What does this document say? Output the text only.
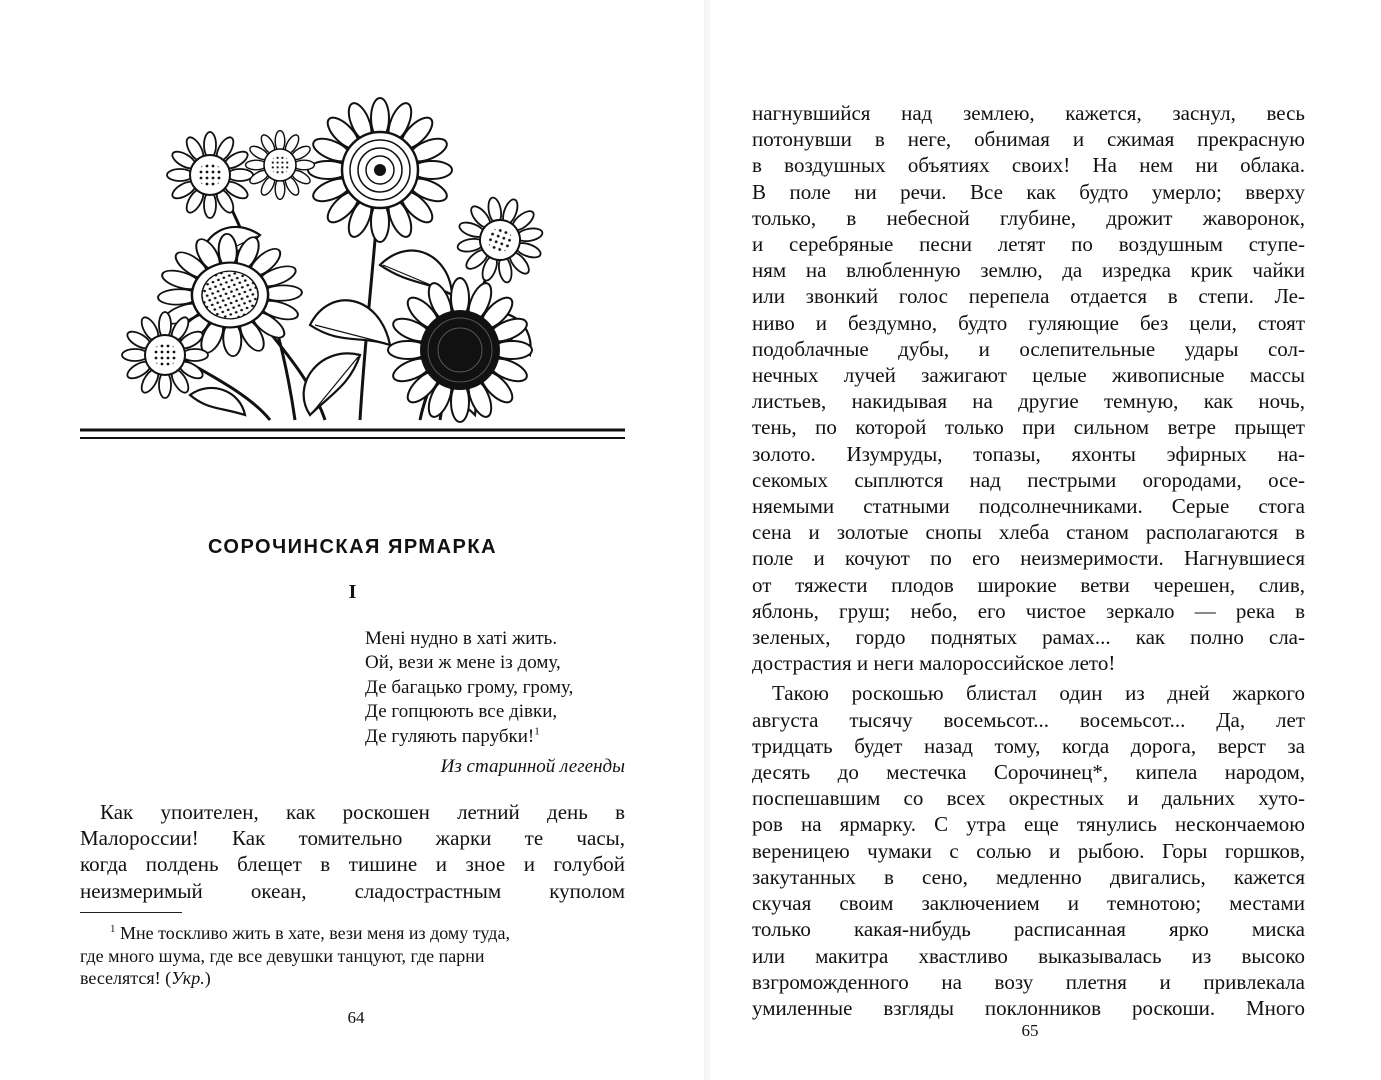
СОРОЧИНСКАЯ ЯРМАРКА
I
Мені нудно в хаті жить.
Ой, вези ж мене із дому,
Де багацько грому, грому,
Де гопцюють все дівки,
Де гуляють парубки!$^1$
Из старинной легенды
Как упоителен, как роскошен летний день в
Малороссии! Как томительно жарки те часы,
когда полдень блещет в тишине и зное и голубой
неизмеримый океан, сладострастным куполом
$^1$ Мне тоскливо жить в хате, вези меня из дому туда,
где много шума, где все девушки танцуют, где парни
веселятся! (Укр.)
64
нагнувшийся над землею, кажется, заснул, весь
потонувши в неге, обнимая и сжимая прекрасную
в воздушных объятиях своих! На нем ни облака.
В поле ни речи. Все как будто умерло; вверху
только, в небесной глубине, дрожит жаворонок,
и серебряные песни летят по воздушным ступе-
ням на влюбленную землю, да изредка крик чайки
или звонкий голос перепела отдается в степи. Ле-
ниво и бездумно, будто гуляющие без цели, стоят
подоблачные дубы, и ослепительные удары сол-
нечных лучей зажигают целые живописные массы
листьев, накидывая на другие темную, как ночь,
тень, по которой только при сильном ветре прыщет
золото. Изумруды, топазы, яхонты эфирных на-
секомых сыплются над пестрыми огородами, осе-
няемыми статными подсолнечниками. Серые стога
сена и золотые снопы хлеба станом располагаются в
поле и кочуют по его неизмеримости. Нагнувшиеся
от тяжести плодов широкие ветви черешен, слив,
яблонь, груш; небо, его чистое зеркало — река в
зеленых, гордо поднятых рамах... как полно сла-
дострастия и неги малороссийское лето!
Такою роскошью блистал один из дней жаркого
августа тысячу восемьсот... восемьсот... Да, лет
тридцать будет назад тому, когда дорога, верст за
десять до местечка Сорочинец*, кипела народом,
поспешавшим со всех окрестных и дальних хуто-
ров на ярмарку. С утра еще тянулись нескончаемою
вереницею чумаки с солью и рыбою. Горы горшков,
закутанных в сено, медленно двигались, кажется
скучая своим заключением и темнотою; местами
только какая-нибудь расписанная ярко миска
или макитра хвастливо выказывалась из высоко
взгроможденного на возу плетня и привлекала
умиленные взгляды поклонников роскоши. Много
65
